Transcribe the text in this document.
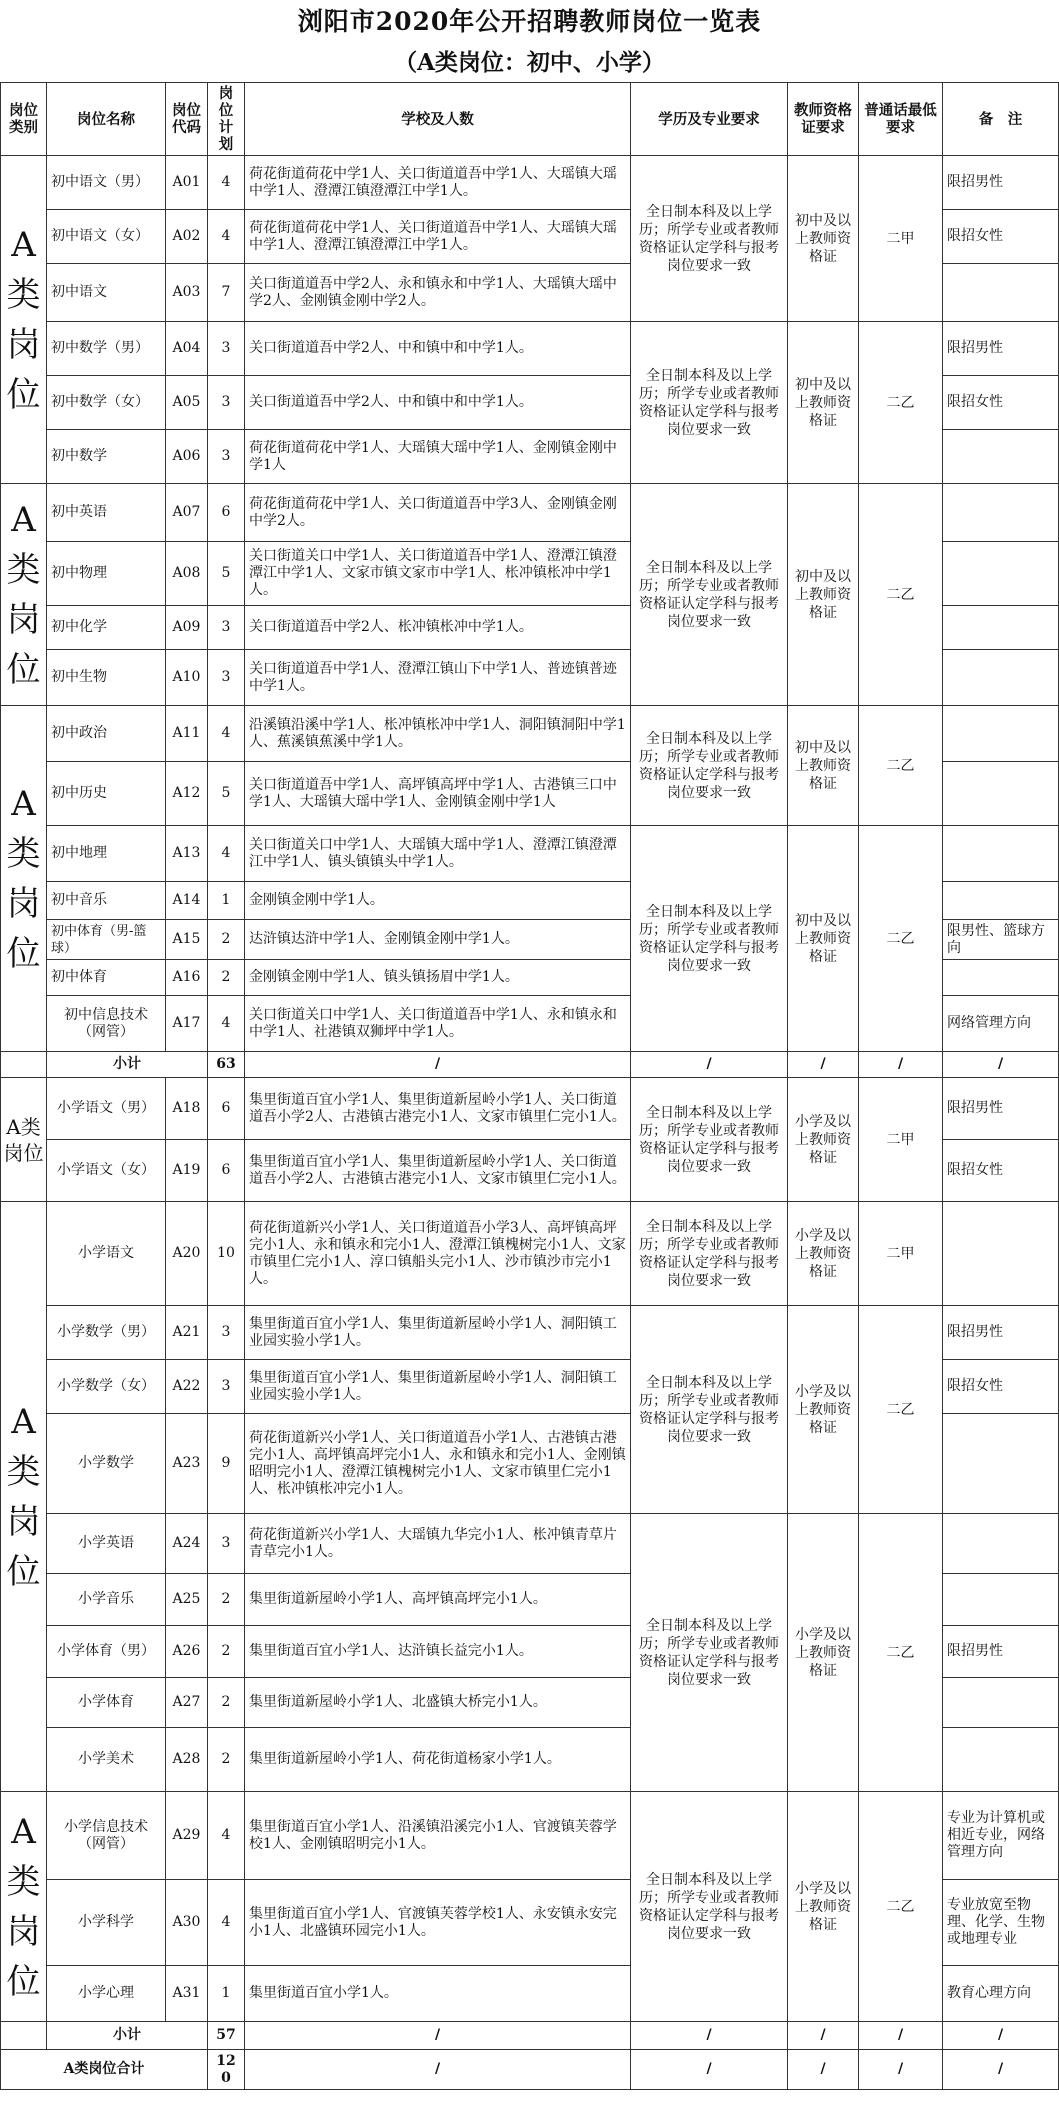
浏阳市2020年公开招聘教师岗位一览表
（A类岗位：初中、小学）
岗位类别	岗位名称	岗位代码	岗位计划	学校及人数	学历及专业要求	教师资格证要求	普通话最低要求	备　注
A类岗位	初中语文（男）	A01	4	荷花街道荷花中学1人、关口街道道吾中学1人、大瑶镇大瑶中学1人、澄潭江镇澄潭江中学1人。	全日制本科及以上学历；所学专业或者教师资格证认定学科与报考岗位要求一致	初中及以上教师资格证	二甲	限招男性
	初中语文（女）	A02	4	荷花街道荷花中学1人、关口街道道吾中学1人、大瑶镇大瑶中学1人、澄潭江镇澄潭江中学1人。				限招女性
	初中语文	A03	7	关口街道道吾中学2人、永和镇永和中学1人、大瑶镇大瑶中学2人、金刚镇金刚中学2人。				
	初中数学（男）	A04	3	关口街道道吾中学2人、中和镇中和中学1人。	全日制本科及以上学历；所学专业或者教师资格证认定学科与报考岗位要求一致	初中及以上教师资格证	二乙	限招男性
	初中数学（女）	A05	3	关口街道道吾中学2人、中和镇中和中学1人。				限招女性
	初中数学	A06	3	荷花街道荷花中学1人、大瑶镇大瑶中学1人、金刚镇金刚中学1人				
A类岗位	初中英语	A07	6	荷花街道荷花中学1人、关口街道道吾中学3人、金刚镇金刚中学2人。	全日制本科及以上学历；所学专业或者教师资格证认定学科与报考岗位要求一致	初中及以上教师资格证	二乙	
	初中物理	A08	5	关口街道关口中学1人、关口街道道吾中学1人、澄潭江镇澄潭江中学1人、文家市镇文家市中学1人、枨冲镇枨冲中学1人。				
	初中化学	A09	3	关口街道道吾中学2人、枨冲镇枨冲中学1人。				
	初中生物	A10	3	关口街道道吾中学1人、澄潭江镇山下中学1人、普迹镇普迹中学1人。				
A类岗位	初中政治	A11	4	沿溪镇沿溪中学1人、枨冲镇枨冲中学1人、洞阳镇洞阳中学1人、蕉溪镇蕉溪中学1人。	全日制本科及以上学历；所学专业或者教师资格证认定学科与报考岗位要求一致	初中及以上教师资格证	二乙	
	初中历史	A12	5	关口街道道吾中学1人、高坪镇高坪中学1人、古港镇三口中学1人、大瑶镇大瑶中学1人、金刚镇金刚中学1人				
	初中地理	A13	4	关口街道关口中学1人、大瑶镇大瑶中学1人、澄潭江镇澄潭江中学1人、镇头镇镇头中学1人。	全日制本科及以上学历；所学专业或者教师资格证认定学科与报考岗位要求一致	初中及以上教师资格证	二乙	
	初中音乐	A14	1	金刚镇金刚中学1人。				
	初中体育（男-篮球）	A15	2	达浒镇达浒中学1人、金刚镇金刚中学1人。				限男性、篮球方向
	初中体育	A16	2	金刚镇金刚中学1人、镇头镇扬眉中学1人。				
	初中信息技术（网管）	A17	4	关口街道关口中学1人、关口街道道吾中学1人、永和镇永和中学1人、社港镇双狮坪中学1人。				网络管理方向
	小计		63	/	/	/	/	/
A类岗位	小学语文（男）	A18	6	集里街道百宜小学1人、集里街道新屋岭小学1人、关口街道道吾小学2人、古港镇古港完小1人、文家市镇里仁完小1人。	全日制本科及以上学历；所学专业或者教师资格证认定学科与报考岗位要求一致	小学及以上教师资格证	二甲	限招男性
	小学语文（女）	A19	6	集里街道百宜小学1人、集里街道新屋岭小学1人、关口街道道吾小学2人、古港镇古港完小1人、文家市镇里仁完小1人。				限招女性
A类岗位	小学语文	A20	10	荷花街道新兴小学1人、关口街道道吾小学3人、高坪镇高坪完小1人、永和镇永和完小1人、澄潭江镇槐树完小1人、文家市镇里仁完小1人、淳口镇船头完小1人、沙市镇沙市完小1人。	全日制本科及以上学历；所学专业或者教师资格证认定学科与报考岗位要求一致	小学及以上教师资格证	二甲	
	小学数学（男）	A21	3	集里街道百宜小学1人、集里街道新屋岭小学1人、洞阳镇工业园实验小学1人。	全日制本科及以上学历；所学专业或者教师资格证认定学科与报考岗位要求一致	小学及以上教师资格证	二乙	限招男性
	小学数学（女）	A22	3	集里街道百宜小学1人、集里街道新屋岭小学1人、洞阳镇工业园实验小学1人。				限招女性
	小学数学	A23	9	荷花街道新兴小学1人、关口街道道吾小学1人、古港镇古港完小1人、高坪镇高坪完小1人、永和镇永和完小1人、金刚镇昭明完小1人、澄潭江镇槐树完小1人、文家市镇里仁完小1人、枨冲镇枨冲完小1人。				
	小学英语	A24	3	荷花街道新兴小学1人、大瑶镇九华完小1人、枨冲镇青草片青草完小1人。	全日制本科及以上学历；所学专业或者教师资格证认定学科与报考岗位要求一致	小学及以上教师资格证	二乙	
	小学音乐	A25	2	集里街道新屋岭小学1人、高坪镇高坪完小1人。				
	小学体育（男）	A26	2	集里街道百宜小学1人、达浒镇长益完小1人。				限招男性
	小学体育	A27	2	集里街道新屋岭小学1人、北盛镇大桥完小1人。				
	小学美术	A28	2	集里街道新屋岭小学1人、荷花街道杨家小学1人。				
A类岗位	小学信息技术（网管）	A29	4	集里街道百宜小学1人、沿溪镇沿溪完小1人、官渡镇芙蓉学校1人、金刚镇昭明完小1人。	全日制本科及以上学历；所学专业或者教师资格证认定学科与报考岗位要求一致	小学及以上教师资格证	二乙	专业为计算机或相近专业，网络管理方向
	小学科学	A30	4	集里街道百宜小学1人、官渡镇芙蓉学校1人、永安镇永安完小1人、北盛镇环园完小1人。				专业放宽至物理、化学、生物或地理专业
	小学心理	A31	1	集里街道百宜小学1人。				教育心理方向
	小计		57	/	/	/	/	/
A类岗位合计			120	/	/	/	/	/
